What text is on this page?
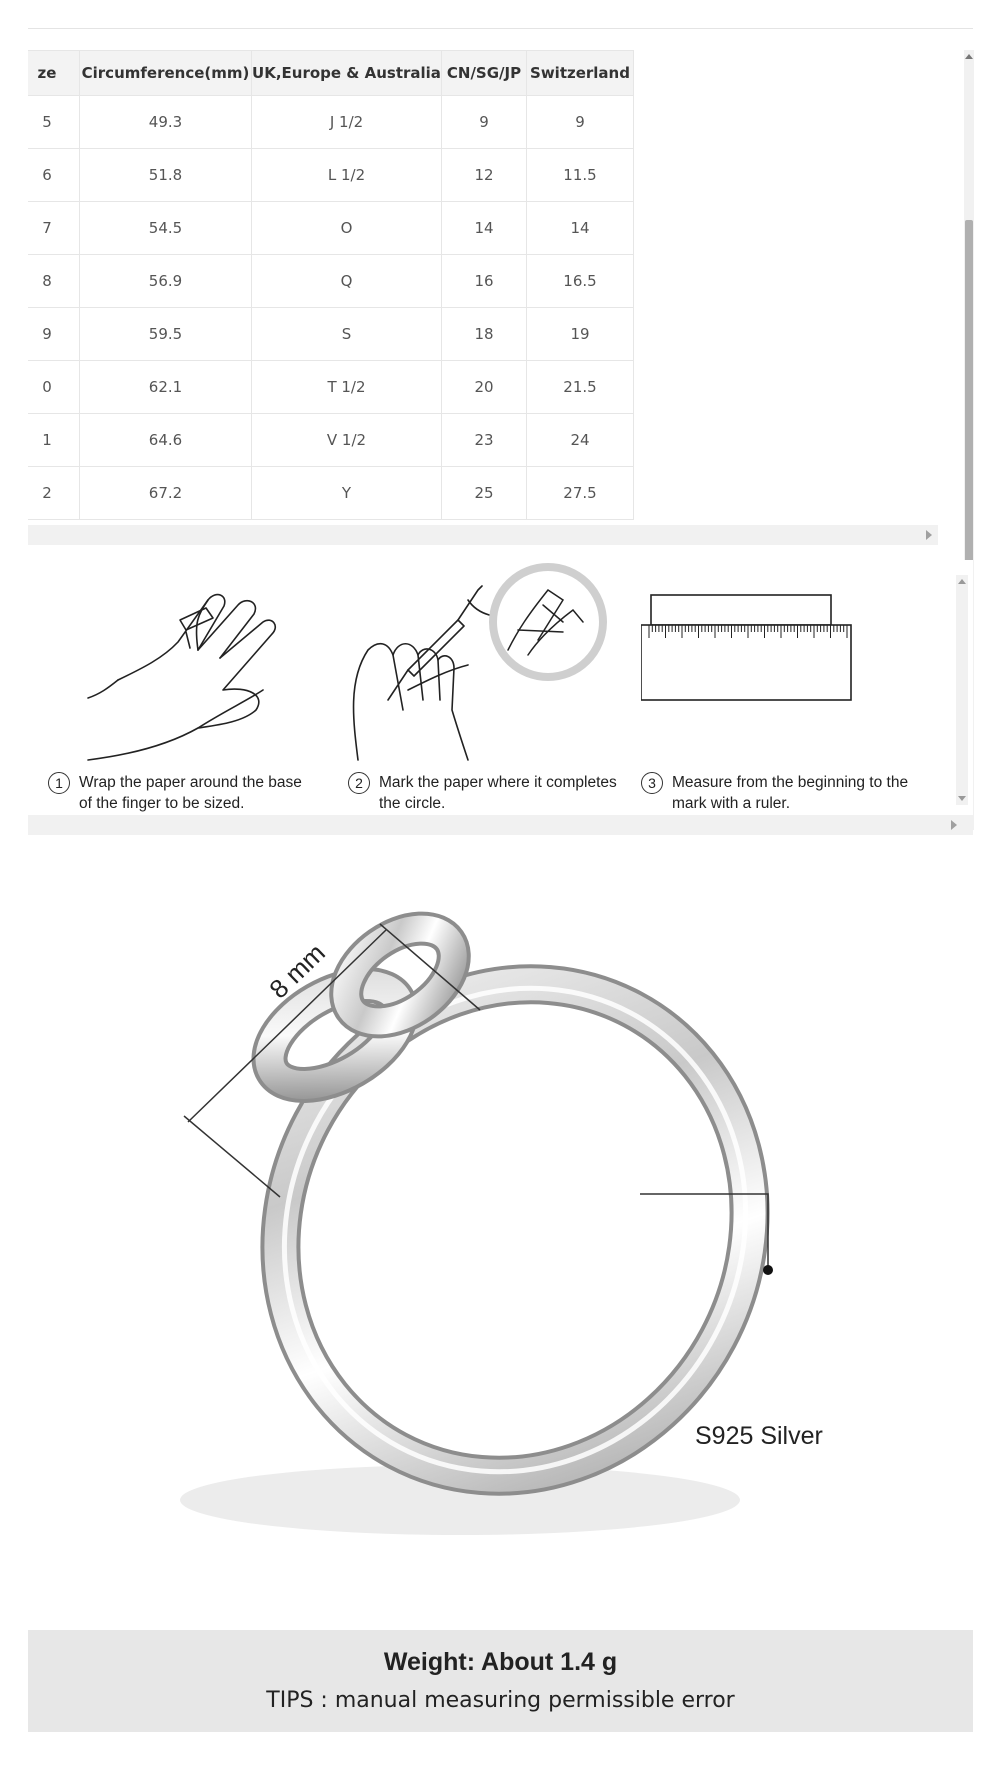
ze	Circumference(mm)	UK,Europe & Australia	CN/SG/JP	Switzerland
5	49.3	J 1/2	9	9
6	51.8	L 1/2	12	11.5
7	54.5	O	14	14
8	56.9	Q	16	16.5
9	59.5	S	18	19
0	62.1	T 1/2	20	21.5
1	64.6	V 1/2	23	24
2	67.2	Y	25	27.5
1	Wrap the paper around the base of the finger to be sized.
2	Mark the paper where it completes the circle.
3	Measure from the beginning to the mark with a ruler.
8 mm
S925 Silver
Weight: About 1.4 g
TIPS : manual measuring permissible error
